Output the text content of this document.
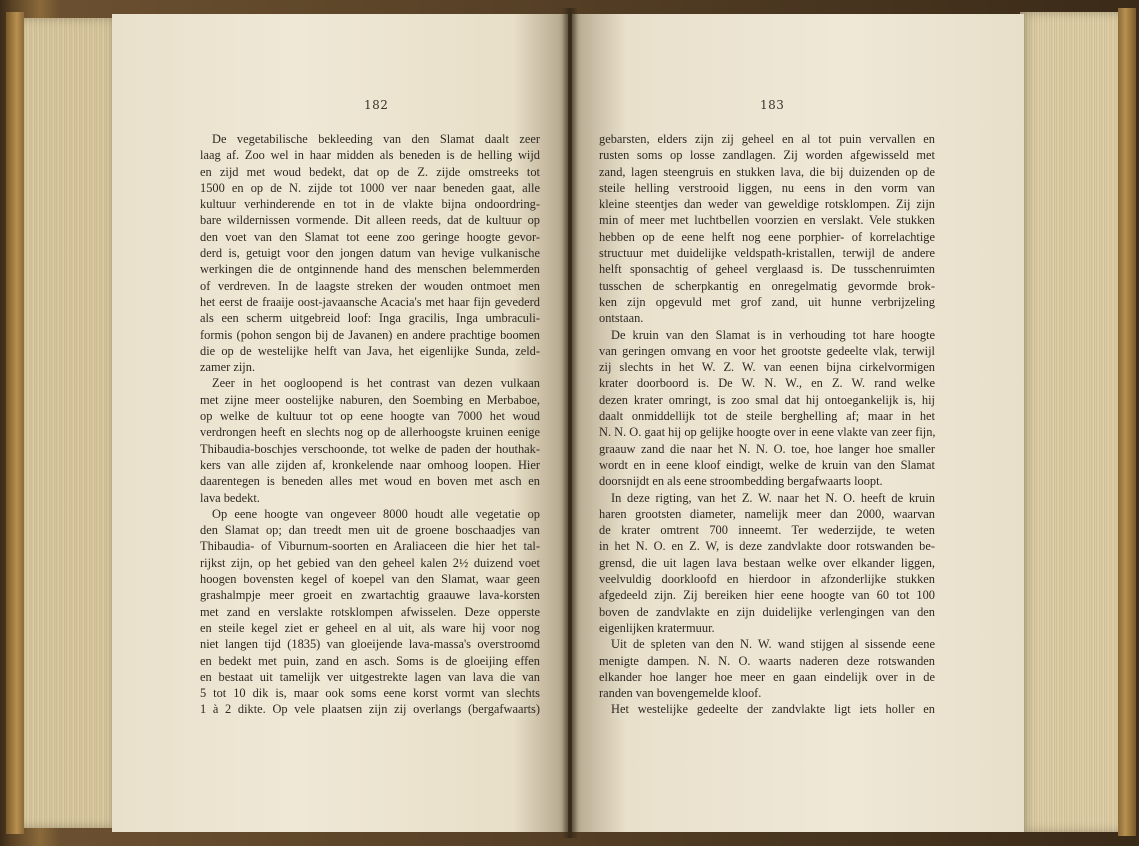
182
De vegetabilische bekleeding van den Slamat daalt zeer
laag af. Zoo wel in haar midden als beneden is de helling wijd
en zijd met woud bedekt, dat op de Z. zijde omstreeks tot
1500 en op de N. zijde tot 1000 ver naar beneden gaat, alle
kultuur verhinderende en tot in de vlakte bijna ondoordring-
bare wildernissen vormende. Dit alleen reeds, dat de kultuur op
den voet van den Slamat tot eene zoo geringe hoogte gevor-
derd is, getuigt voor den jongen datum van hevige vulkanische
werkingen die de ontginnende hand des menschen belemmerden
of verdreven. In de laagste streken der wouden ontmoet men
het eerst de fraaije oost-javaansche Acacia's met haar fijn gevederd
als een scherm uitgebreid loof: Inga gracilis, Inga umbraculi-
formis (pohon sengon bij de Javanen) en andere prachtige boomen
die op de westelijke helft van Java, het eigenlijke Sunda, zeld-
zamer zijn.
Zeer in het oogloopend is het contrast van dezen vulkaan
met zijne meer oostelijke naburen, den Soembing en Merbaboe,
op welke de kultuur tot op eene hoogte van 7000 het woud
verdrongen heeft en slechts nog op de allerhoogste kruinen eenige
Thibaudia-boschjes verschoonde, tot welke de paden der houthak-
kers van alle zijden af, kronkelende naar omhoog loopen. Hier
daarentegen is beneden alles met woud en boven met asch en
lava bedekt.
Op eene hoogte van ongeveer 8000 houdt alle vegetatie op
den Slamat op; dan treedt men uit de groene boschaadjes van
Thibaudia- of Viburnum-soorten en Araliaceen die hier het tal-
rijkst zijn, op het gebied van den geheel kalen 2½ duizend voet
hoogen bovensten kegel of koepel van den Slamat, waar geen
grashalmpje meer groeit en zwartachtig graauwe lava-korsten
met zand en verslakte rotsklompen afwisselen. Deze opperste
en steile kegel ziet er geheel en al uit, als ware hij voor nog
niet langen tijd (1835) van gloeijende lava-massa's overstroomd
en bedekt met puin, zand en asch. Soms is de gloeijing effen
en bestaat uit tamelijk ver uitgestrekte lagen van lava die van
5 tot 10 dik is, maar ook soms eene korst vormt van slechts
1 à 2 dikte. Op vele plaatsen zijn zij overlangs (bergafwaarts)
183
gebarsten, elders zijn zij geheel en al tot puin vervallen en
rusten soms op losse zandlagen. Zij worden afgewisseld met
zand, lagen steengruis en stukken lava, die bij duizenden op de
steile helling verstrooid liggen, nu eens in den vorm van
kleine steentjes dan weder van geweldige rotsklompen. Zij zijn
min of meer met luchtbellen voorzien en verslakt. Vele stukken
hebben op de eene helft nog eene porphier- of korrelachtige
structuur met duidelijke veldspath-kristallen, terwijl de andere
helft sponsachtig of geheel verglaasd is. De tusschenruimten
tusschen de scherpkantig en onregelmatig gevormde brok-
ken zijn opgevuld met grof zand, uit hunne verbrijzeling
ontstaan.
De kruin van den Slamat is in verhouding tot hare hoogte
van geringen omvang en voor het grootste gedeelte vlak, terwijl
zij slechts in het W. Z. W. van eenen bijna cirkelvormigen
krater doorboord is. De W. N. W., en Z. W. rand welke
dezen krater omringt, is zoo smal dat hij ontoegankelijk is, hij
daalt onmiddellijk tot de steile berghelling af; maar in het
N. N. O. gaat hij op gelijke hoogte over in eene vlakte van zeer fijn,
graauw zand die naar het N. N. O. toe, hoe langer hoe smaller
wordt en in eene kloof eindigt, welke de kruin van den Slamat
doorsnijdt en als eene stroombedding bergafwaarts loopt.
In deze rigting, van het Z. W. naar het N. O. heeft de kruin
haren grootsten diameter, namelijk meer dan 2000, waarvan
de krater omtrent 700 inneemt. Ter wederzijde, te weten
in het N. O. en Z. W, is deze zandvlakte door rotswanden be-
grensd, die uit lagen lava bestaan welke over elkander liggen,
veelvuldig doorkloofd en hierdoor in afzonderlijke stukken
afgedeeld zijn. Zij bereiken hier eene hoogte van 60 tot 100
boven de zandvlakte en zijn duidelijke verlengingen van den
eigenlijken kratermuur.
Uit de spleten van den N. W. wand stijgen al sissende eene
menigte dampen. N. N. O. waarts naderen deze rotswanden
elkander hoe langer hoe meer en gaan eindelijk over in de
randen van bovengemelde kloof.
Het westelijke gedeelte der zandvlakte ligt iets holler en
